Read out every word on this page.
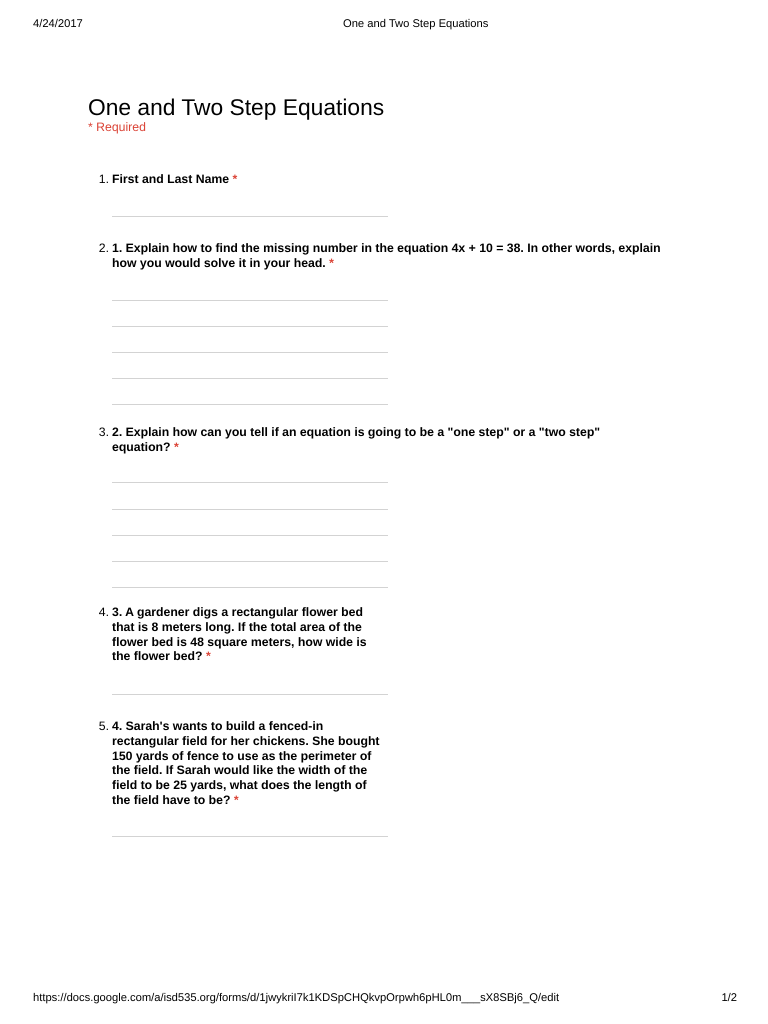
4/24/2017	One and Two Step Equations
One and Two Step Equations
* Required
1. First and Last Name *
2. 1. Explain how to find the missing number in the equation 4x + 10 = 38. In other words, explain how you would solve it in your head. *
3. 2. Explain how can you tell if an equation is going to be a "one step" or a "two step" equation? *
4. 3. A gardener digs a rectangular flower bed that is 8 meters long. If the total area of the flower bed is 48 square meters, how wide is the flower bed? *
5. 4. Sarah's wants to build a fenced-in rectangular field for her chickens. She bought 150 yards of fence to use as the perimeter of the field. If Sarah would like the width of the field to be 25 yards, what does the length of the field have to be? *
https://docs.google.com/a/isd535.org/forms/d/1jwykriI7k1KDSpCHQkvpOrpwh6pHL0m___sX8SBj6_Q/edit	1/2
